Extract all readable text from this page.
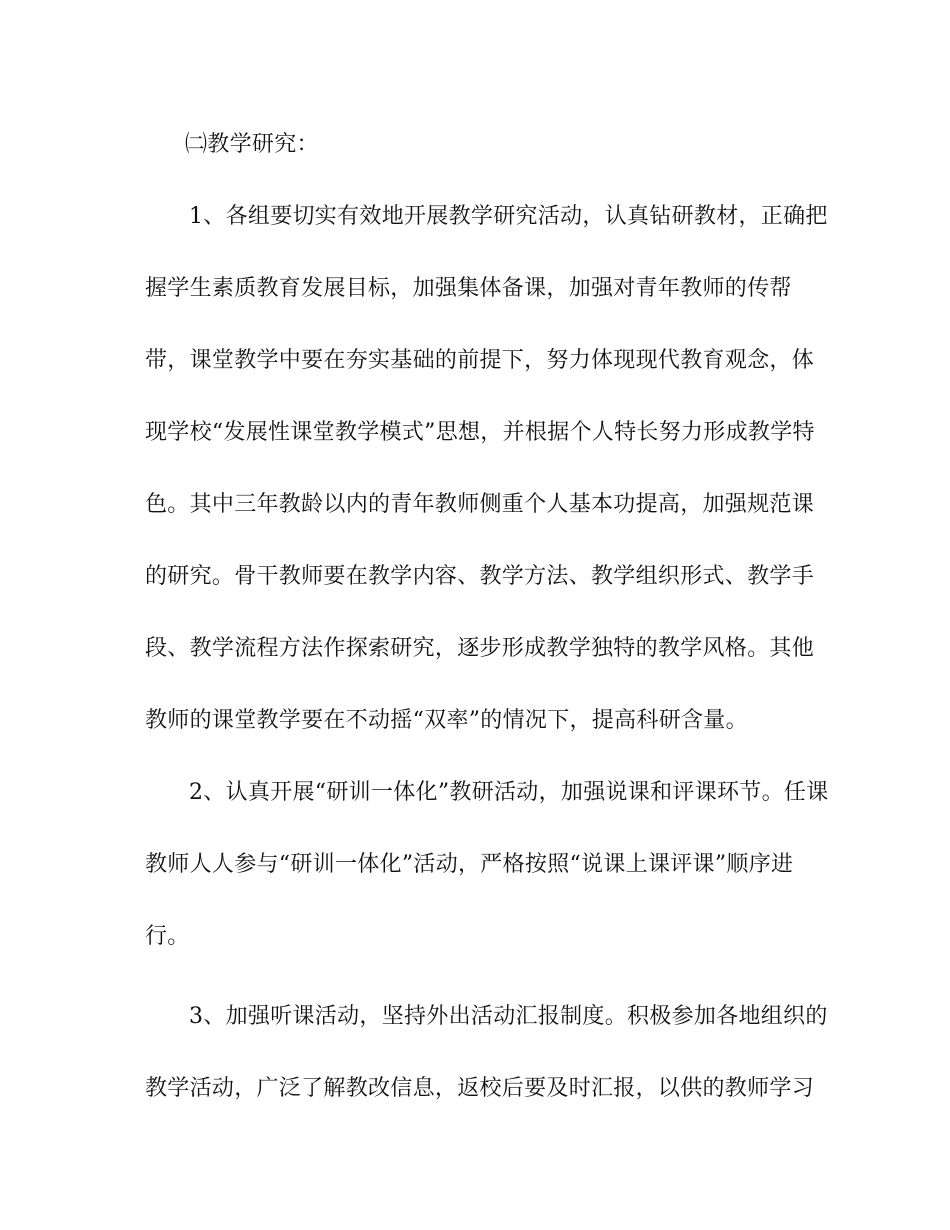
㈡教学研究：
1、各组要切实有效地开展教学研究活动，认真钻研教材，正确把
握学生素质教育发展目标，加强集体备课，加强对青年教师的传帮
带，课堂教学中要在夯实基础的前提下，努力体现现代教育观念，体
现学校“发展性课堂教学模式”思想，并根据个人特长努力形成教学特
色。其中三年教龄以内的青年教师侧重个人基本功提高，加强规范课
的研究。骨干教师要在教学内容、教学方法、教学组织形式、教学手
段、教学流程方法作探索研究，逐步形成教学独特的教学风格。其他
教师的课堂教学要在不动摇“双率”的情况下，提高科研含量。
2、认真开展“研训一体化”教研活动，加强说课和评课环节。任课
教师人人参与“研训一体化”活动，严格按照“说课上课评课”顺序进
行。
3、加强听课活动，坚持外出活动汇报制度。积极参加各地组织的
教学活动，广泛了解教改信息，返校后要及时汇报，以供的教师学习
